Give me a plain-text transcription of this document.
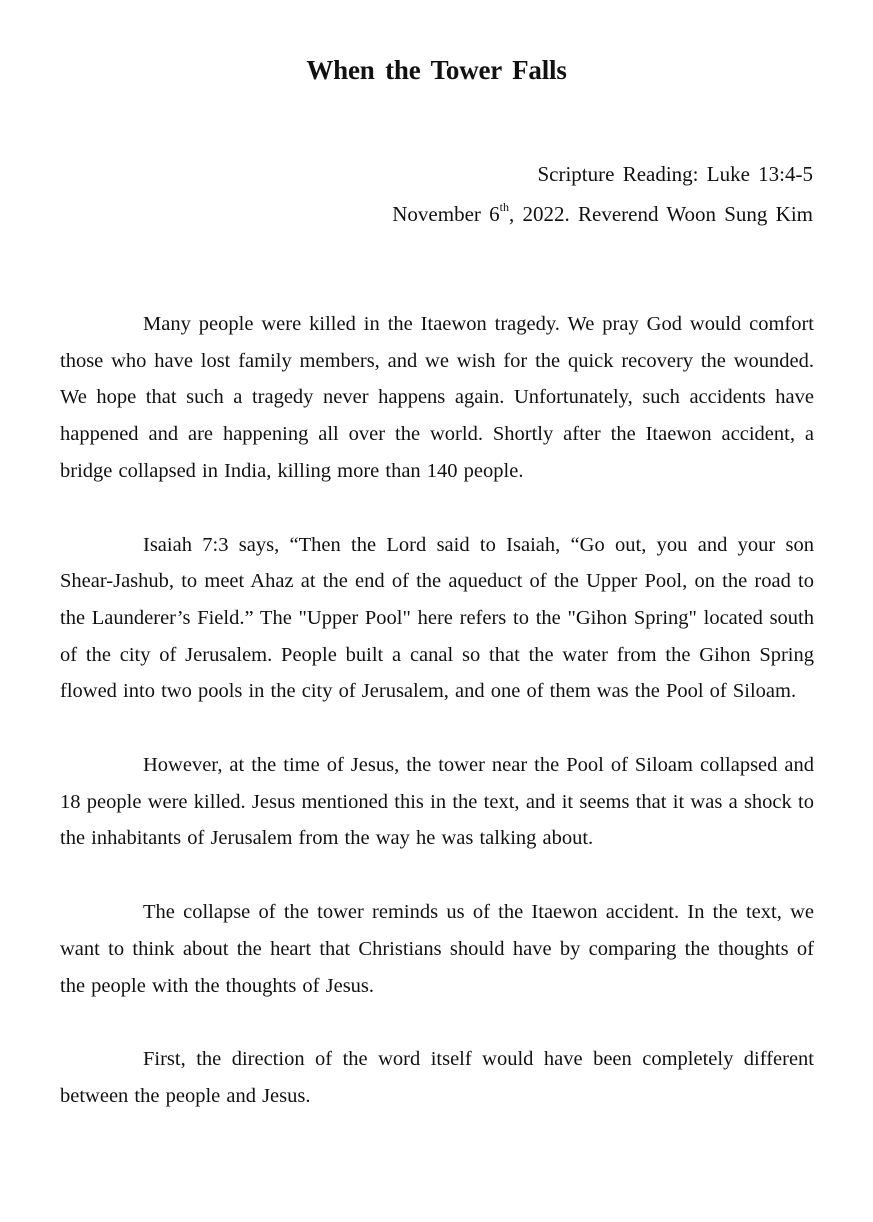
When the Tower Falls
Scripture Reading: Luke 13:4-5
November 6th, 2022. Reverend Woon Sung Kim

Many people were killed in the Itaewon tragedy. We pray God would comfort those who have lost family members, and we wish for the quick recovery the wounded. We hope that such a tragedy never happens again. Unfortunately, such accidents have happened and are happening all over the world. Shortly after the Itaewon accident, a bridge collapsed in India, killing more than 140 people.

Isaiah 7:3 says, “Then the Lord said to Isaiah, “Go out, you and your son Shear-Jashub, to meet Ahaz at the end of the aqueduct of the Upper Pool, on the road to the Launderer’s Field.” The "Upper Pool" here refers to the "Gihon Spring" located south of the city of Jerusalem. People built a canal so that the water from the Gihon Spring flowed into two pools in the city of Jerusalem, and one of them was the Pool of Siloam.

However, at the time of Jesus, the tower near the Pool of Siloam collapsed and 18 people were killed. Jesus mentioned this in the text, and it seems that it was a shock to the inhabitants of Jerusalem from the way he was talking about.

The collapse of the tower reminds us of the Itaewon accident. In the text, we want to think about the heart that Christians should have by comparing the thoughts of the people with the thoughts of Jesus.

First, the direction of the word itself would have been completely different between the people and Jesus.
